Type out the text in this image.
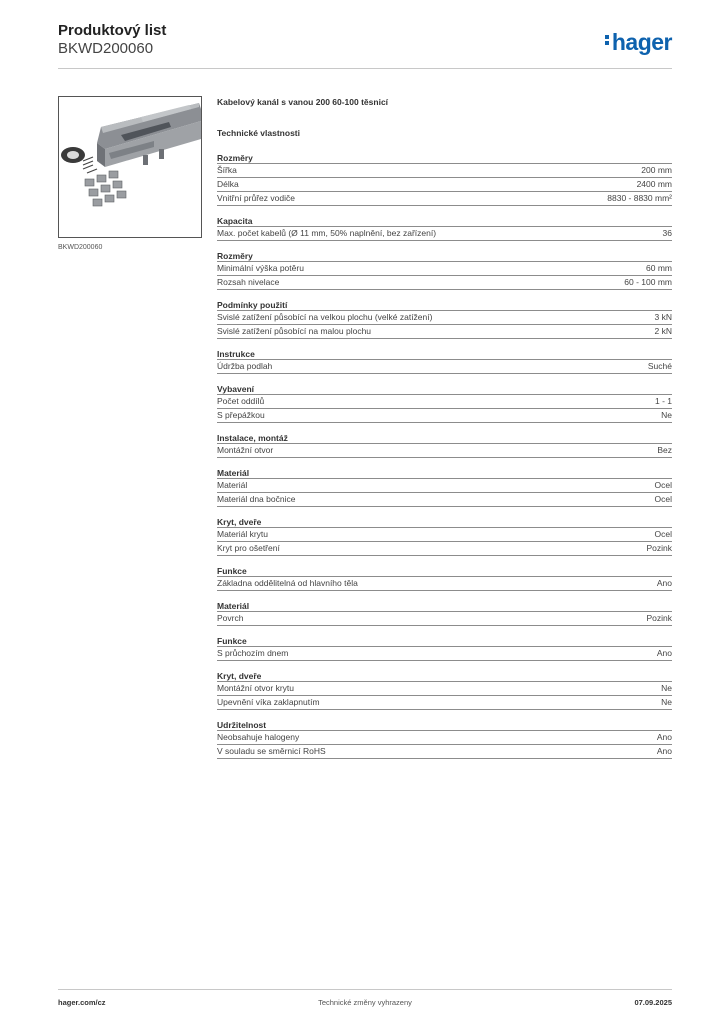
Produktový list
BKWD200060	hager
BKWD200060
Kabelový kanál s vanou 200 60-100 těsnicí
Technické vlastnosti
Rozměry
Šířka	200 mm
Délka	2400 mm
Vnitřní průřez vodiče	8830 - 8830 mm²
Kapacita
Max. počet kabelů (Ø 11 mm, 50% naplnění, bez zařízení)	36
Rozměry
Minimální výška potěru	60 mm
Rozsah nivelace	60 - 100 mm
Podmínky použití
Svislé zatížení působící na velkou plochu (velké zatížení)	3 kN
Svislé zatížení působící na malou plochu	2 kN
Instrukce
Údržba podlah	Suché
Vybavení
Počet oddílů	1 - 1
S přepážkou	Ne
Instalace, montáž
Montážní otvor	Bez
Materiál
Materiál	Ocel
Materiál dna bočnice	Ocel
Kryt, dveře
Materiál krytu	Ocel
Kryt pro ošetření	Pozink
Funkce
Základna oddělitelná od hlavního těla	Ano
Materiál
Povrch	Pozink
Funkce
S průchozím dnem	Ano
Kryt, dveře
Montážní otvor krytu	Ne
Upevnění víka zaklapnutím	Ne
Udržitelnost
Neobsahuje halogeny	Ano
V souladu se směrnicí RoHS	Ano
hager.com/cz	Technické změny vyhrazeny	07.09.2025
